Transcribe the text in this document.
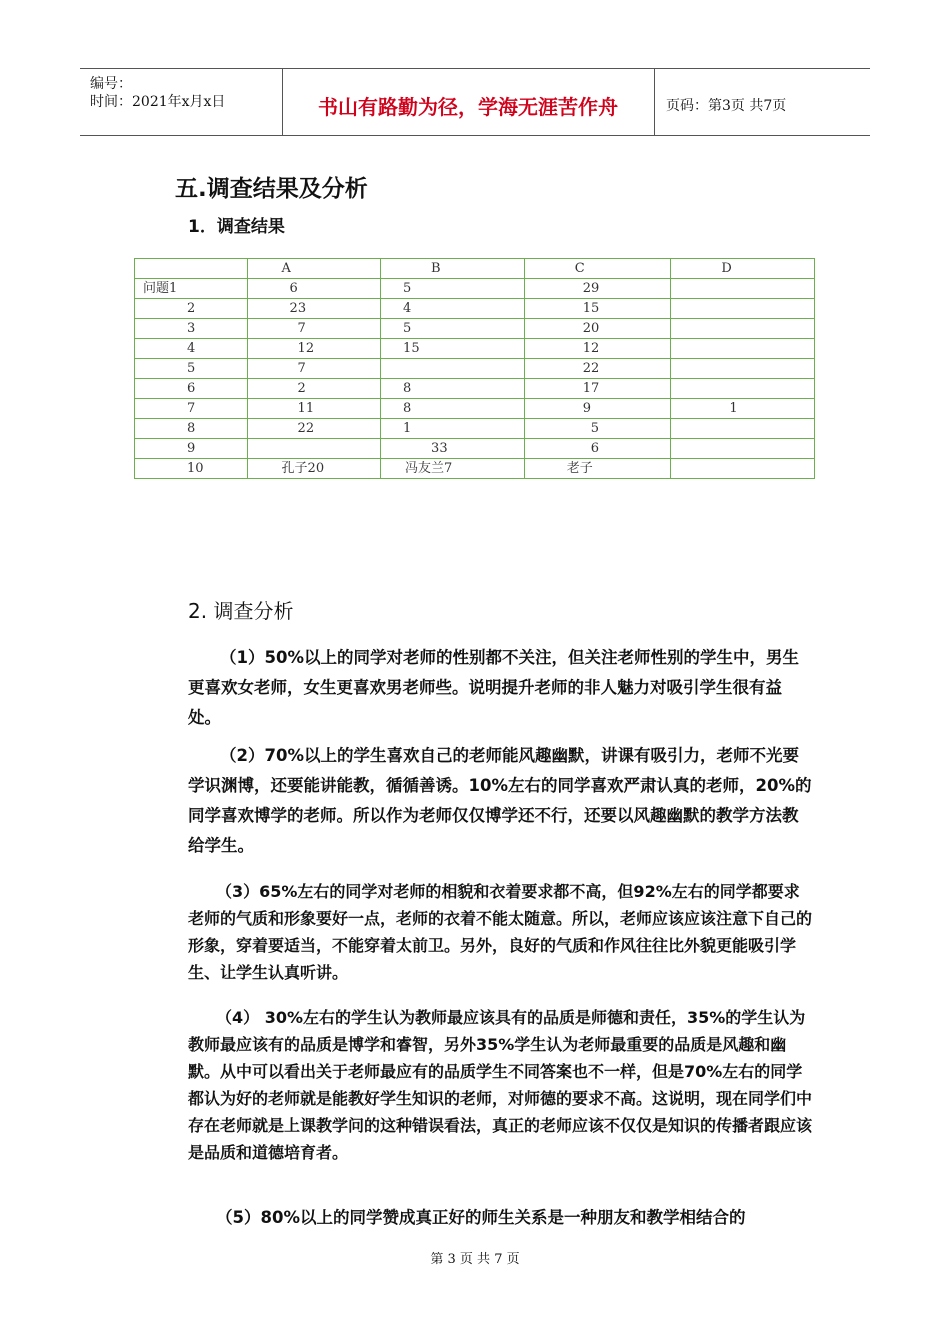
编号：
时间：2021年x月x日	书山有路勤为径，学海无涯苦作舟	页码：第3页 共7页
五.调查结果及分析
1．调查结果
	A	B	C	D
问题1	6	5	29	
2	23	4	15	
3	7	5	20	
4	12	15	12	
5	7		22	
6	2	8	17	
7	11	8	9	1
8	22	1	5	
9		33	6	
10	孔子20	冯友兰7	老子	
2. 调查分析
（1）50%以上的同学对老师的性别都不关注，但关注老师性别的学生中，男生更喜欢女老师，女生更喜欢男老师些。说明提升老师的非人魅力对吸引学生很有益处。
（2）70%以上的学生喜欢自己的老师能风趣幽默，讲课有吸引力，老师不光要学识渊博，还要能讲能教，循循善诱。10%左右的同学喜欢严肃认真的老师，20%的同学喜欢博学的老师。所以作为老师仅仅博学还不行，还要以风趣幽默的教学方法教给学生。
（3）65%左右的同学对老师的相貌和衣着要求都不高，但92%左右的同学都要求老师的气质和形象要好一点，老师的衣着不能太随意。所以，老师应该应该注意下自己的形象，穿着要适当，不能穿着太前卫。另外，良好的气质和作风往往比外貌更能吸引学生、让学生认真听讲。
（4） 30%左右的学生认为教师最应该具有的品质是师德和责任，35%的学生认为教师最应该有的品质是博学和睿智，另外35%学生认为老师最重要的品质是风趣和幽默。从中可以看出关于老师最应有的品质学生不同答案也不一样，但是70%左右的同学都认为好的老师就是能教好学生知识的老师，对师德的要求不高。这说明，现在同学们中存在老师就是上课教学问的这种错误看法，真正的老师应该不仅仅是知识的传播者跟应该是品质和道德培育者。
（5）80%以上的同学赞成真正好的师生关系是一种朋友和教学相结合的
第 3 页 共 7 页
